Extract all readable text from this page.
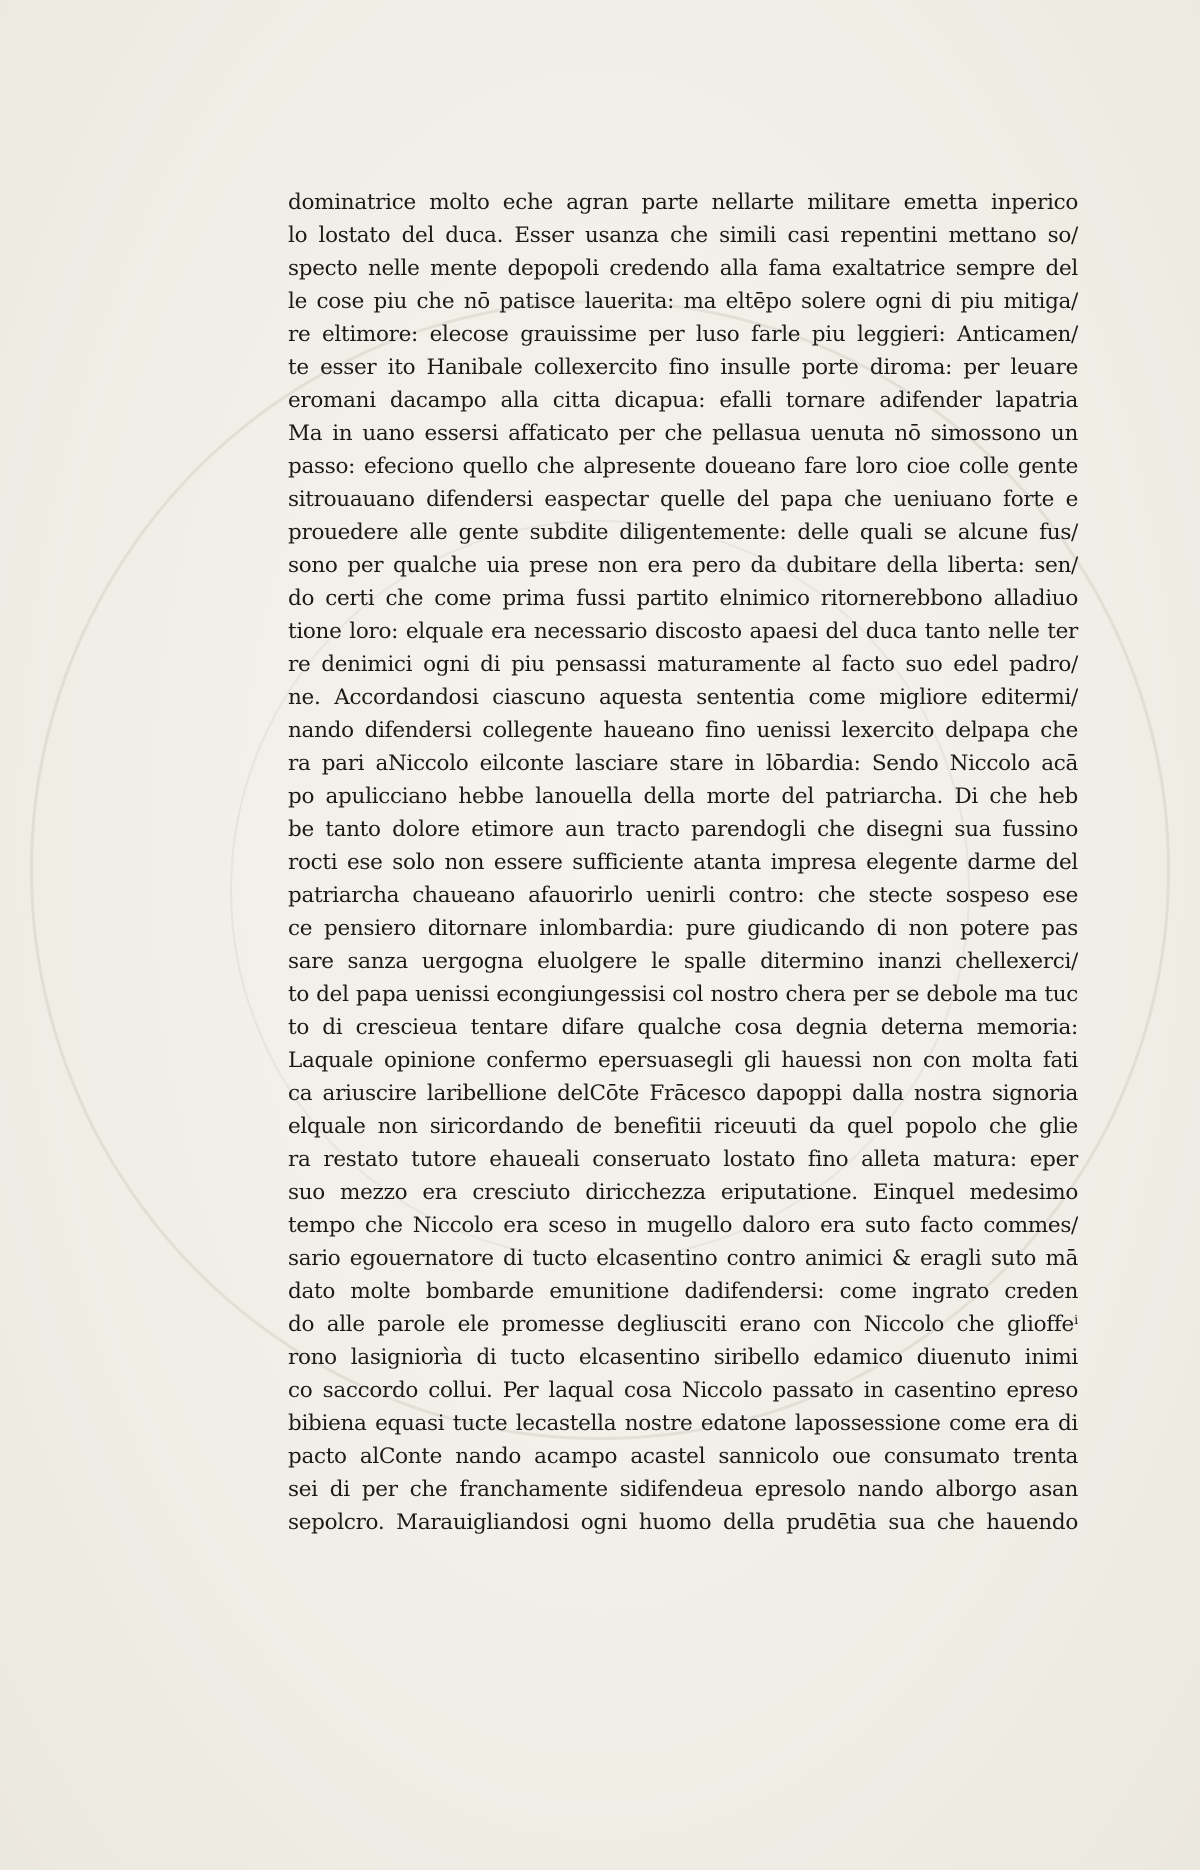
dominatrice molto eche agran parte nellarte militare emetta inperico
lo lostato del duca. Esser usanza che simili casi repentini mettano so/
specto nelle mente depopoli credendo alla fama exaltatrice sempre del
le cose piu che nō patisce lauerita: ma eltēpo solere ogni di piu mitiga/
re eltimore: elecose grauissime per luso farle piu leggieri: Anticamen/
te esser ito Hanibale collexercito fino insulle porte diroma: per leuare
eromani dacampo alla citta dicapua: efalli tornare adifender lapatria
Ma in uano essersi affaticato per che pellasua uenuta nō simossono un
passo: efeciono quello che alpresente doueano fare loro cioe colle gente
sitrouauano difendersi easpectar quelle del papa che ueniuano forte e
prouedere alle gente subdite diligentemente: delle quali se alcune fus/
sono per qualche uia prese non era pero da dubitare della liberta: sen/
do certi che come prima fussi partito elnimico ritornerebbono alladiuo
tione loro: elquale era necessario discosto apaesi del duca tanto nelle ter
re denimici ogni di piu pensassi maturamente al facto suo edel padro/
ne. Accordandosi ciascuno aquesta sententia come migliore editermi/
nando difendersi collegente haueano fino uenissi lexercito delpapa che
ra pari aNiccolo eilconte lasciare stare in lōbardia: Sendo Niccolo acā
po apulicciano hebbe lanouella della morte del patriarcha. Di che heb
be tanto dolore etimore aun tracto parendogli che disegni sua fussino
rocti ese solo non essere sufficiente atanta impresa elegente darme del
patriarcha chaueano afauorirlo uenirli contro: che stecte sospeso ese
ce pensiero ditornare inlombardia: pure giudicando di non potere pas
sare sanza uergogna eluolgere le spalle ditermino inanzi chellexerci/
to del papa uenissi econgiungessisi col nostro chera per se debole ma tuc
to di crescieua tentare difare qualche cosa degnia deterna memoria:
Laquale opinione confermo epersuasegli gli hauessi non con molta fati
ca ariuscire laribellione delCōte Frācesco dapoppi dalla nostra signoria
elquale non siricordando de benefitii riceuuti da quel popolo che glie
ra restato tutore ehaueali conseruato lostato fino alleta matura: eper
suo mezzo era cresciuto diricchezza eriputatione. Einquel medesimo
tempo che Niccolo era sceso in mugello daloro era suto facto commes/
sario egouernatore di tucto elcasentino contro animici & eragli suto mā
dato molte bombarde emunitione dadifendersi: come ingrato creden
do alle parole ele promesse degliusciti erano con Niccolo che glioffeⁱ
rono lasigniorìa di tucto elcasentino siribello edamico diuenuto inimi
co saccordo collui. Per laqual cosa Niccolo passato in casentino epreso
bibiena equasi tucte lecastella nostre edatone lapossessione come era di
pacto alConte nando acampo acastel sannicolo oue consumato trenta
sei di per che franchamente sidifendeua epresolo nando alborgo asan
sepolcro. Marauigliandosi ogni huomo della prudētia sua che hauendo
